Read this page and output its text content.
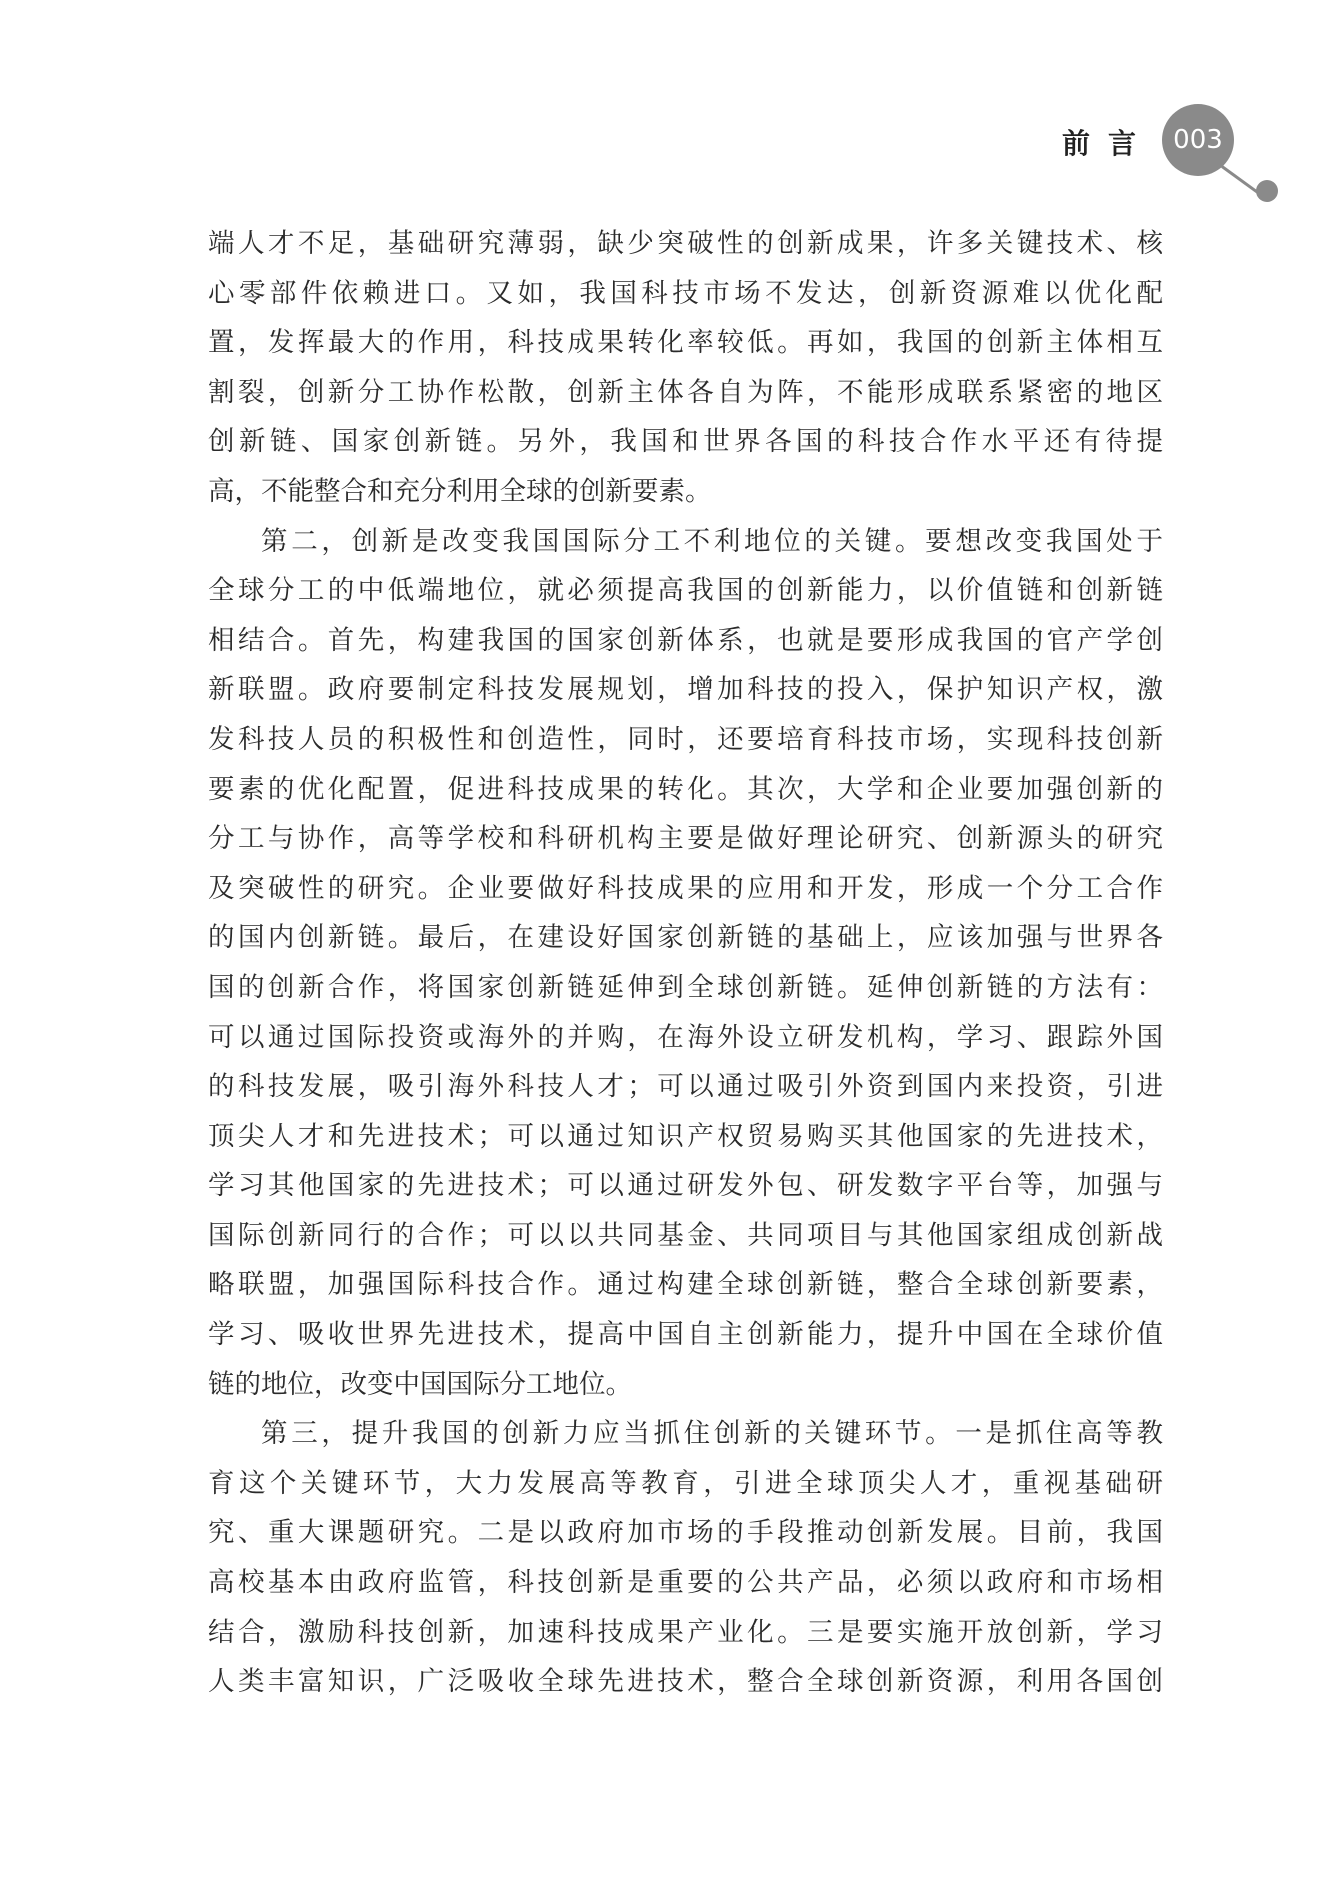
前言 003
端人才不足，基础研究薄弱，缺少突破性的创新成果，许多关键技术、核
心零部件依赖进口。又如，我国科技市场不发达，创新资源难以优化配
置，发挥最大的作用，科技成果转化率较低。再如，我国的创新主体相互
割裂，创新分工协作松散，创新主体各自为阵，不能形成联系紧密的地区
创新链、国家创新链。另外，我国和世界各国的科技合作水平还有待提
高，不能整合和充分利用全球的创新要素。
第二，创新是改变我国国际分工不利地位的关键。要想改变我国处于
全球分工的中低端地位，就必须提高我国的创新能力，以价值链和创新链
相结合。首先，构建我国的国家创新体系，也就是要形成我国的官产学创
新联盟。政府要制定科技发展规划，增加科技的投入，保护知识产权，激
发科技人员的积极性和创造性，同时，还要培育科技市场，实现科技创新
要素的优化配置，促进科技成果的转化。其次，大学和企业要加强创新的
分工与协作，高等学校和科研机构主要是做好理论研究、创新源头的研究
及突破性的研究。企业要做好科技成果的应用和开发，形成一个分工合作
的国内创新链。最后，在建设好国家创新链的基础上，应该加强与世界各
国的创新合作，将国家创新链延伸到全球创新链。延伸创新链的方法有：
可以通过国际投资或海外的并购，在海外设立研发机构，学习、跟踪外国
的科技发展，吸引海外科技人才；可以通过吸引外资到国内来投资，引进
顶尖人才和先进技术；可以通过知识产权贸易购买其他国家的先进技术，
学习其他国家的先进技术；可以通过研发外包、研发数字平台等，加强与
国际创新同行的合作；可以以共同基金、共同项目与其他国家组成创新战
略联盟，加强国际科技合作。通过构建全球创新链，整合全球创新要素，
学习、吸收世界先进技术，提高中国自主创新能力，提升中国在全球价值
链的地位，改变中国国际分工地位。
第三，提升我国的创新力应当抓住创新的关键环节。一是抓住高等教
育这个关键环节，大力发展高等教育，引进全球顶尖人才，重视基础研
究、重大课题研究。二是以政府加市场的手段推动创新发展。目前，我国
高校基本由政府监管，科技创新是重要的公共产品，必须以政府和市场相
结合，激励科技创新，加速科技成果产业化。三是要实施开放创新，学习
人类丰富知识，广泛吸收全球先进技术，整合全球创新资源，利用各国创
